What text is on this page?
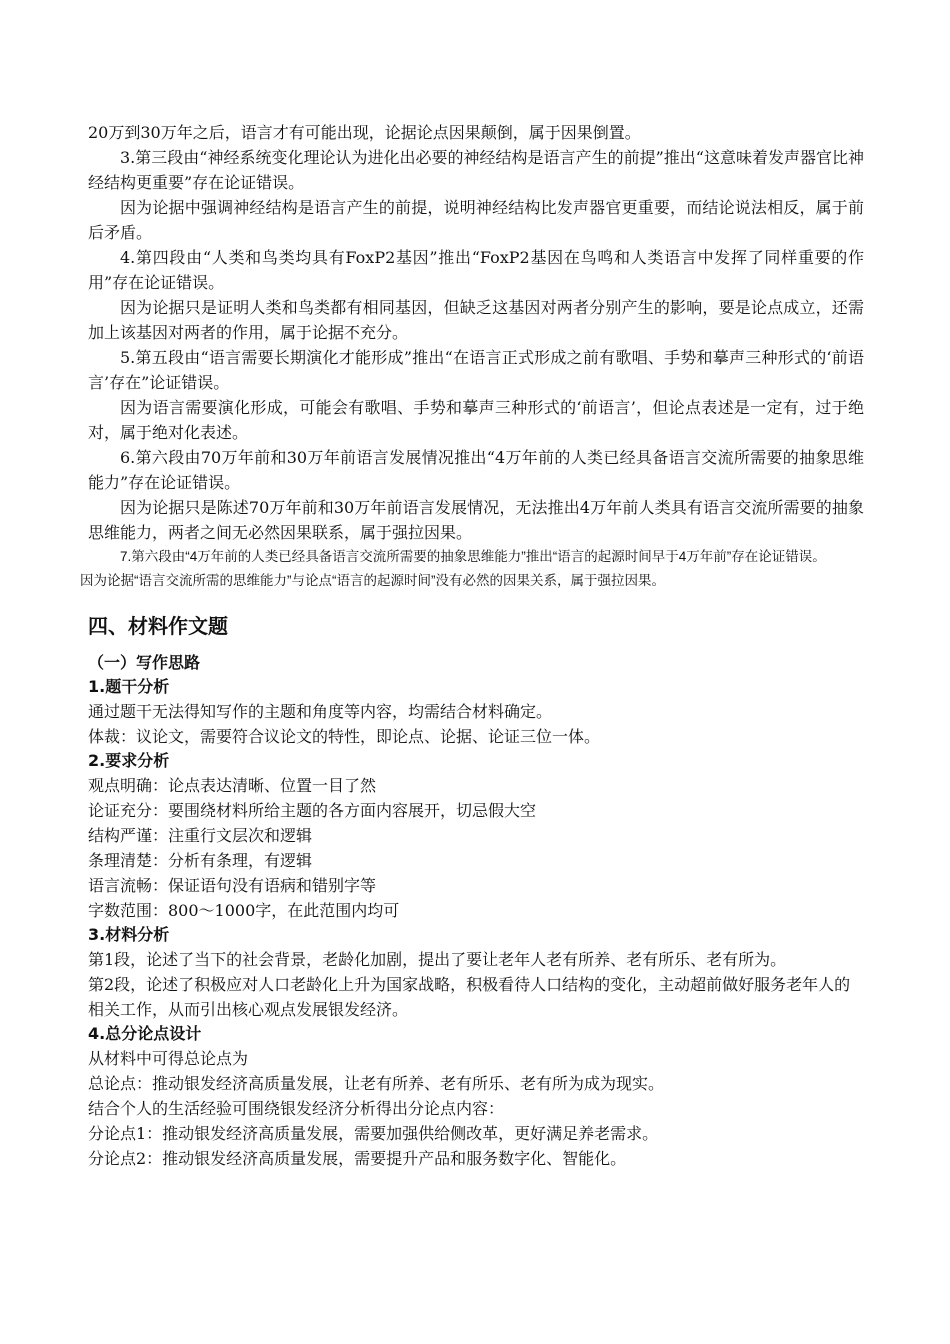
20万到30万年之后，语言才有可能出现，论据论点因果颠倒，属于因果倒置。

3.第三段由“神经系统变化理论认为进化出必要的神经结构是语言产生的前提”推出“这意味着发声器官比神经结构更重要”存在论证错误。

因为论据中强调神经结构是语言产生的前提，说明神经结构比发声器官更重要，而结论说法相反，属于前后矛盾。

4.第四段由“人类和鸟类均具有FoxP2基因”推出“FoxP2基因在鸟鸣和人类语言中发挥了同样重要的作用”存在论证错误。

因为论据只是证明人类和鸟类都有相同基因，但缺乏这基因对两者分别产生的影响，要是论点成立，还需加上该基因对两者的作用，属于论据不充分。

5.第五段由“语言需要长期演化才能形成”推出“在语言正式形成之前有歌唱、手势和摹声三种形式的‘前语言’存在”论证错误。

因为语言需要演化形成，可能会有歌唱、手势和摹声三种形式的‘前语言’，但论点表述是一定有，过于绝对，属于绝对化表述。

6.第六段由70万年前和30万年前语言发展情况推出“4万年前的人类已经具备语言交流所需要的抽象思维能力”存在论证错误。

因为论据只是陈述70万年前和30万年前语言发展情况，无法推出4万年前人类具有语言交流所需要的抽象思维能力，两者之间无必然因果联系，属于强拉因果。

7.第六段由“4万年前的人类已经具备语言交流所需要的抽象思维能力”推出“语言的起源时间早于4万年前”存在论证错误。

因为论据“语言交流所需的思维能力”与论点“语言的起源时间”没有必然的因果关系，属于强拉因果。

四、材料作文题
（一）写作思路
1.题干分析

通过题干无法得知写作的主题和角度等内容，均需结合材料确定。

体裁：议论文，需要符合议论文的特性，即论点、论据、论证三位一体。

2.要求分析

观点明确：论点表达清晰、位置一目了然

论证充分：要围绕材料所给主题的各方面内容展开，切忌假大空

结构严谨：注重行文层次和逻辑

条理清楚：分析有条理，有逻辑

语言流畅：保证语句没有语病和错别字等

字数范围：800～1000字，在此范围内均可

3.材料分析

第1段，论述了当下的社会背景，老龄化加剧，提出了要让老年人老有所养、老有所乐、老有所为。

第2段，论述了积极应对人口老龄化上升为国家战略，积极看待人口结构的变化，主动超前做好服务老年人的相关工作，从而引出核心观点发展银发经济。

4.总分论点设计

从材料中可得总论点为

总论点：推动银发经济高质量发展，让老有所养、老有所乐、老有所为成为现实。

结合个人的生活经验可围绕银发经济分析得出分论点内容：

分论点1：推动银发经济高质量发展，需要加强供给侧改革，更好满足养老需求。

分论点2：推动银发经济高质量发展，需要提升产品和服务数字化、智能化。
